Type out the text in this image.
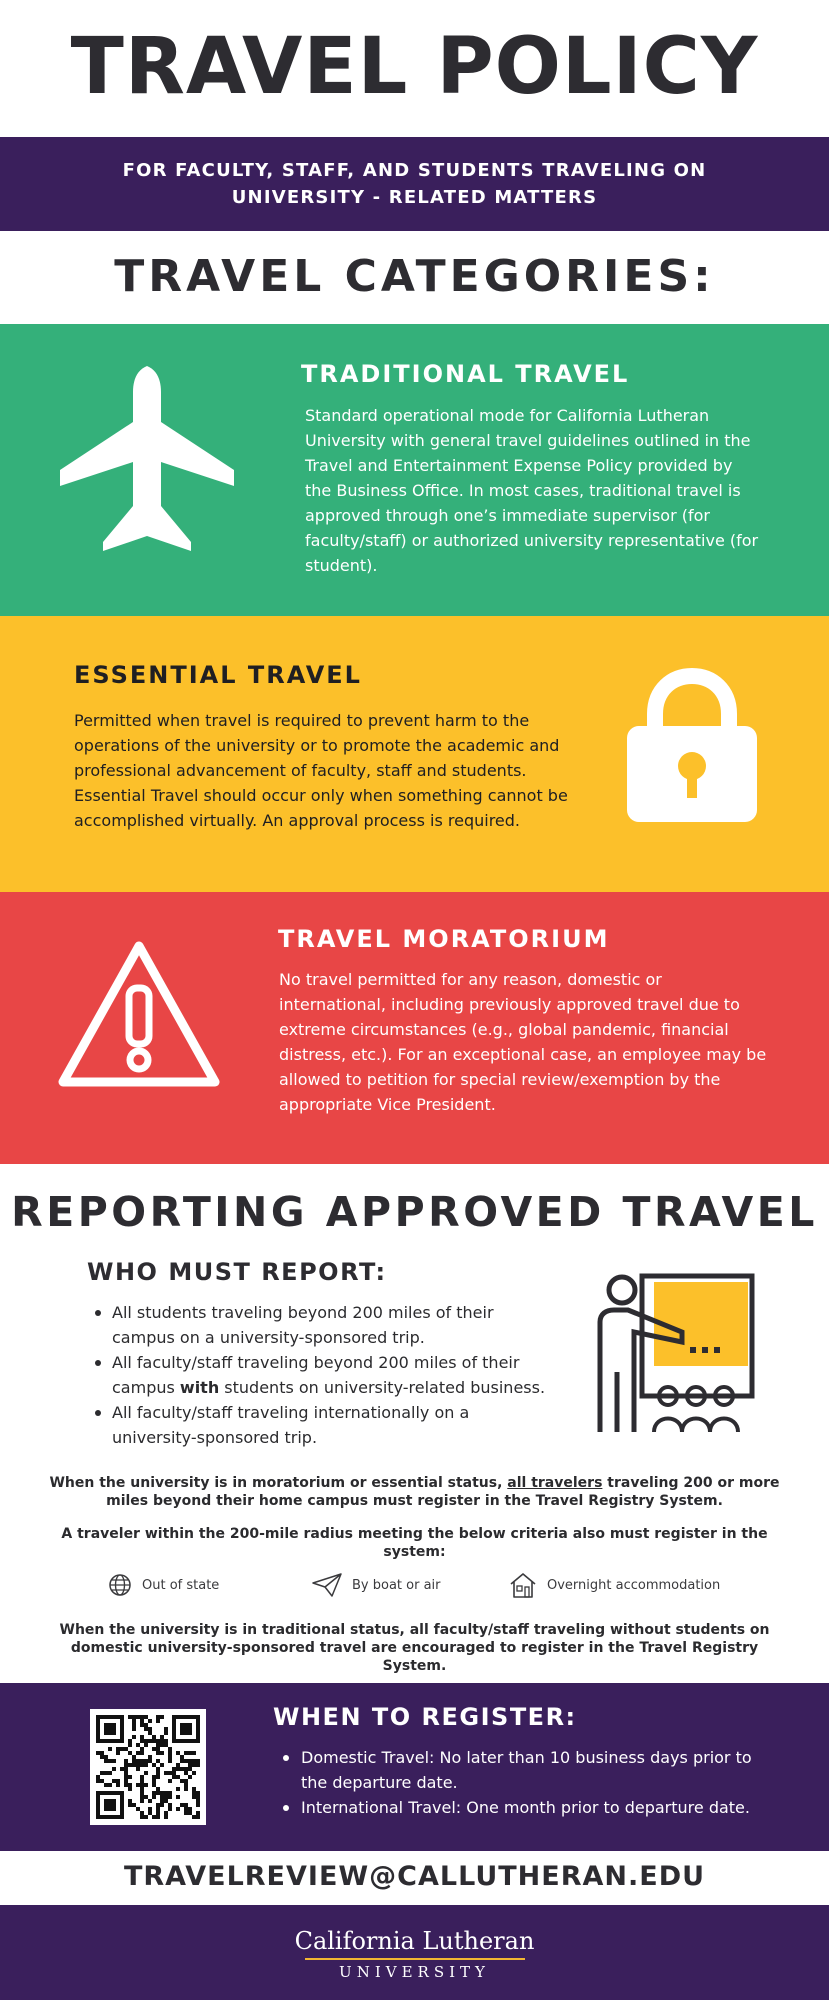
TRAVEL POLICY
FOR FACULTY, STAFF, AND STUDENTS TRAVELING ON UNIVERSITY - RELATED MATTERS
TRAVEL CATEGORIES:
TRADITIONAL TRAVEL
Standard operational mode for California Lutheran University with general travel guidelines outlined in the Travel and Entertainment Expense Policy provided by the Business Office. In most cases, traditional travel is approved through one’s immediate supervisor (for faculty/staff) or authorized university representative (for student).
ESSENTIAL TRAVEL
Permitted when travel is required to prevent harm to the operations of the university or to promote the academic and professional advancement of faculty, staff and students. Essential Travel should occur only when something cannot be accomplished virtually. An approval process is required.
TRAVEL MORATORIUM
No travel permitted for any reason, domestic or international, including previously approved travel due to extreme circumstances (e.g., global pandemic, financial distress, etc.). For an exceptional case, an employee may be allowed to petition for special review/exemption by the appropriate Vice President.
REPORTING APPROVED TRAVEL
WHO MUST REPORT:
All students traveling beyond 200 miles of their campus on a university-sponsored trip.
All faculty/staff traveling beyond 200 miles of their campus with students on university-related business.
All faculty/staff traveling internationally on a university-sponsored trip.
When the university is in moratorium or essential status, all travelers traveling 200 or more miles beyond their home campus must register in the Travel Registry System.
A traveler within the 200-mile radius meeting the below criteria also must register in the system:
Out of state	By boat or air	Overnight accommodation
When the university is in traditional status, all faculty/staff traveling without students on domestic university-sponsored travel are encouraged to register in the Travel Registry System.
WHEN TO REGISTER:
Domestic Travel: No later than 10 business days prior to the departure date.
International Travel: One month prior to departure date.
TRAVELREVIEW@CALLUTHERAN.EDU
California Lutheran
UNIVERSITY
